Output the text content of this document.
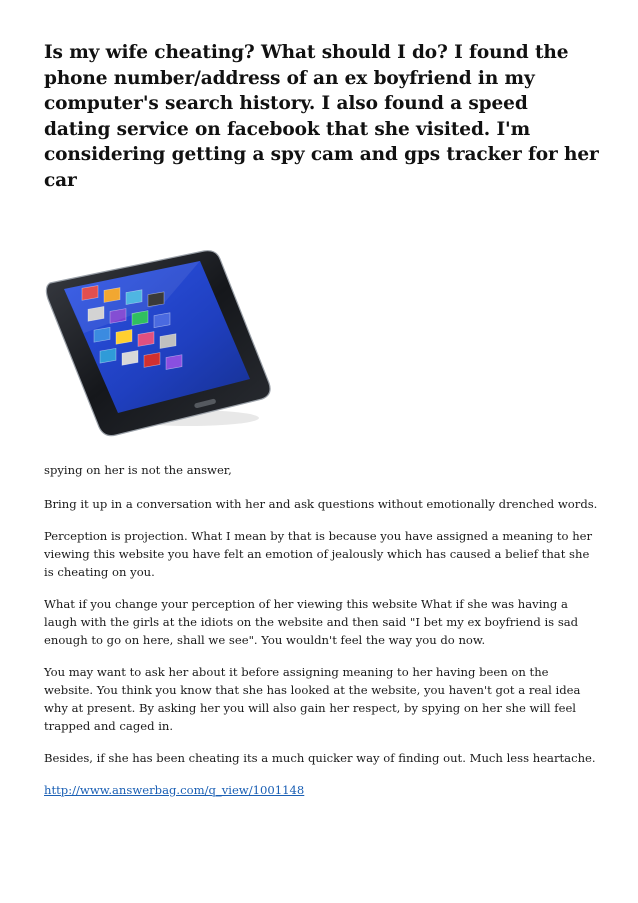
Is my wife cheating? What should I do? I found the phone number/address of an ex boyfriend in my computer's search history. I also found a speed dating service on facebook that she visited. I'm considering getting a spy cam and gps tracker for her car

spying on her is not the answer,

Bring it up in a conversation with her and ask questions without emotionally drenched words.

Perception is projection. What I mean by that is because you have assigned a meaning to her viewing this website you have felt an emotion of jealously which has caused a belief that she is cheating on you.

What if you change your perception of her viewing this website What if she was having a laugh with the girls at the idiots on the website and then said "I bet my ex boyfriend is sad enough to go on here, shall we see". You wouldn't feel the way you do now.

You may want to ask her about it before assigning meaning to her having been on the website. You think you know that she has looked at the website, you haven't got a real idea why at present. By asking her you will also gain her respect, by spying on her she will feel trapped and caged in.

Besides, if she has been cheating its a much quicker way of finding out. Much less heartache.

http://www.answerbag.com/q_view/1001148
